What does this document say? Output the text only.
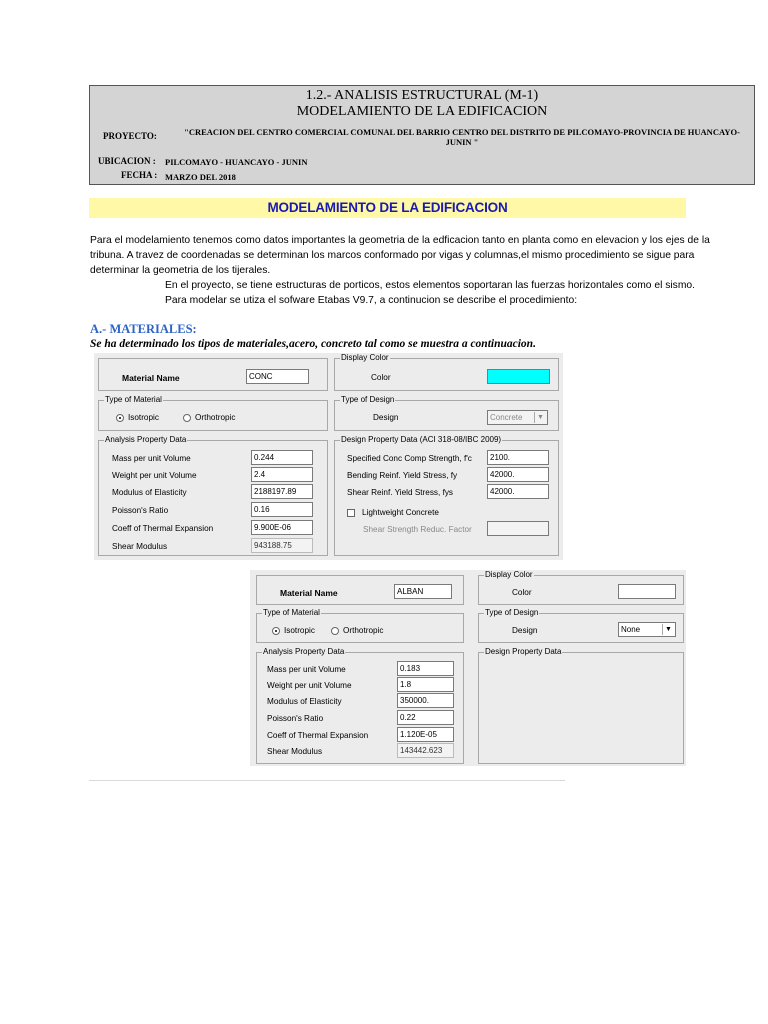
1.2.- ANALISIS ESTRUCTURAL (M-1)
MODELAMIENTO DE LA EDIFICACION
PROYECTO:	"CREACION DEL CENTRO COMERCIAL COMUNAL DEL BARRIO CENTRO DEL DISTRITO DE PILCOMAYO-PROVINCIA DE HUANCAYO-JUNIN "
UBICACION : PILCOMAYO - HUANCAYO - JUNIN
FECHA : MARZO DEL 2018
MODELAMIENTO DE LA EDIFICACION
Para el modelamiento tenemos como datos importantes la geometria de la edficacion tanto en planta como en elevacion y los ejes de la tribuna. A travez de coordenadas se determinan los marcos conformado por vigas y columnas,el mismo procedimiento se sigue para determinar la geometria de los tijerales.
En el proyecto, se tiene estructuras de porticos, estos elementos soportaran las fuerzas horizontales como el sismo.
Para modelar se utiza el sofware Etabas V9.7, a continucion se describe el procedimiento:
A.- MATERIALES:
Se ha determinado los tipos de materiales,acero, concreto tal como se muestra a continuacion.
Material Name	CONC
Display Color
Color
Type of Material
Isotropic	Orthotropic
Type of Design
Design	Concrete	▼
Analysis Property Data
Mass per unit Volume	0.244
Weight per unit Volume	2.4
Modulus of Elasticity	2188197.89
Poisson's Ratio	0.16
Coeff of Thermal Expansion	9.900E-06
Shear Modulus	943188.75
Design Property Data (ACI 318-08/IBC 2009)
Specified Conc Comp Strength, f'c	2100.
Bending Reinf. Yield Stress, fy	42000.
Shear Reinf. Yield Stress, fys	42000.
Lightweight Concrete
Shear Strength Reduc. Factor
Material Name	ALBAN
Display Color
Color
Type of Material
Isotropic	Orthotropic
Type of Design
Design	None	▼
Analysis Property Data
Mass per unit Volume	0.183
Weight per unit Volume	1.8
Modulus of Elasticity	350000.
Poisson's Ratio	0.22
Coeff of Thermal Expansion	1.120E-05
Shear Modulus	143442.623
Design Property Data
